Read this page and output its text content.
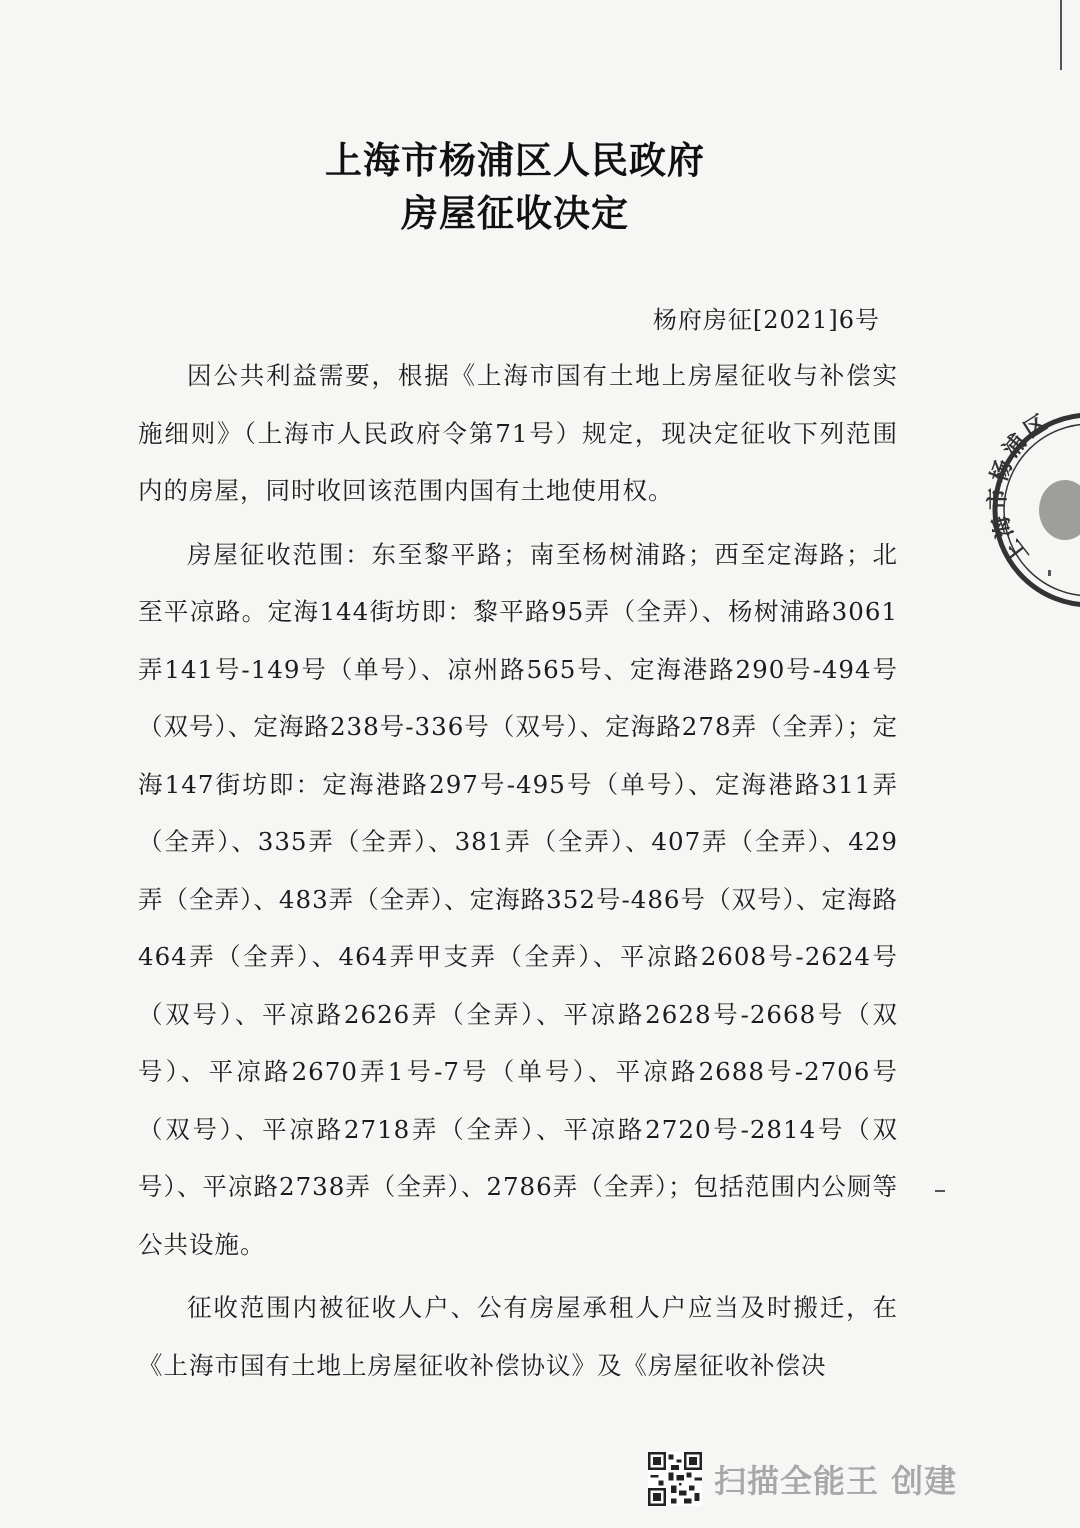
上海市杨浦区人民政府
房屋征收决定
杨府房征[2021]6号

因公共利益需要，根据《上海市国有土地上房屋征收与补偿实施细则》（上海市人民政府令第71号）规定，现决定征收下列范围内的房屋，同时收回该范围内国有土地使用权。

房屋征收范围：东至黎平路；南至杨树浦路；西至定海路；北至平凉路。定海144街坊即：黎平路95弄（全弄）、杨树浦路3061弄141号-149号（单号）、凉州路565号、定海港路290号-494号（双号）、定海路238号-336号（双号）、定海路278弄（全弄）；定海147街坊即：定海港路297号-495号（单号）、定海港路311弄（全弄）、335弄（全弄）、381弄（全弄）、407弄（全弄）、429弄（全弄）、483弄（全弄）、定海路352号-486号（双号）、定海路464弄（全弄）、464弄甲支弄（全弄）、平凉路2608号-2624号（双号）、平凉路2626弄（全弄）、平凉路2628号-2668号（双号）、平凉路2670弄1号-7号（单号）、平凉路2688号-2706号（双号）、平凉路2718弄（全弄）、平凉路2720号-2814号（双号）、平凉路2738弄（全弄）、2786弄（全弄）；包括范围内公厕等公共设施。

征收范围内被征收人户、公有房屋承租人户应当及时搬迁，在《上海市国有土地上房屋征收补偿协议》及《房屋征收补偿决

上海市杨浦区
扫描全能王 创建
